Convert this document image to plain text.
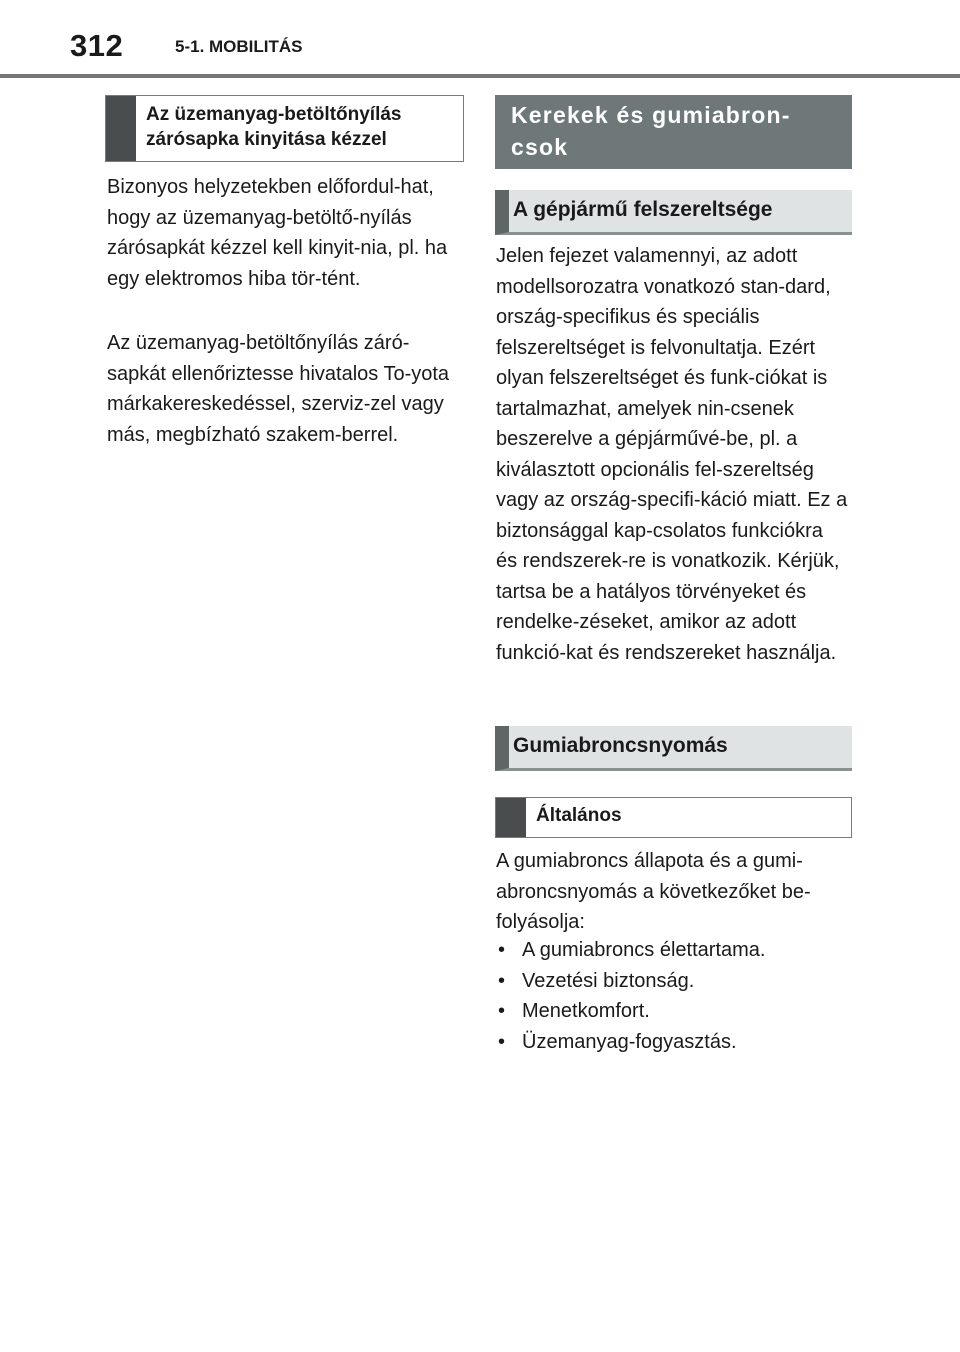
312	5-1. MOBILITÁS
Az üzemanyag-betöltőnyílás zárósapka kinyitása kézzel

Bizonyos helyzetekben előfordul-hat, hogy az üzemanyag-betöltő-nyílás zárósapkát kézzel kell kinyit-nia, pl. ha egy elektromos hiba tör-tént.

Az üzemanyag-betöltőnyílás záró-sapkát ellenőriztesse hivatalos To-yota márkakereskedéssel, szerviz-zel vagy más, megbízható szakem-berrel.

Kerekek és gumiabron-csok
A gépjármű felszereltsége

Jelen fejezet valamennyi, az adott modellsorozatra vonatkozó stan-dard, ország-specifikus és speciális felszereltséget is felvonultatja. Ezért olyan felszereltséget és funk-ciókat is tartalmazhat, amelyek nin-csenek beszerelve a gépjárművé-be, pl. a kiválasztott opcionális fel-szereltség vagy az ország-specifi-káció miatt. Ez a biztonsággal kap-csolatos funkciókra és rendszerek-re is vonatkozik. Kérjük, tartsa be a hatályos törvényeket és rendelke-zéseket, amikor az adott funkció-kat és rendszereket használja.

Gumiabroncsnyomás
Általános

A gumiabroncs állapota és a gumi-abroncsnyomás a következőket be-folyásolja:

• A gumiabroncs élettartama.
• Vezetési biztonság.
• Menetkomfort.
• Üzemanyag-fogyasztás.
